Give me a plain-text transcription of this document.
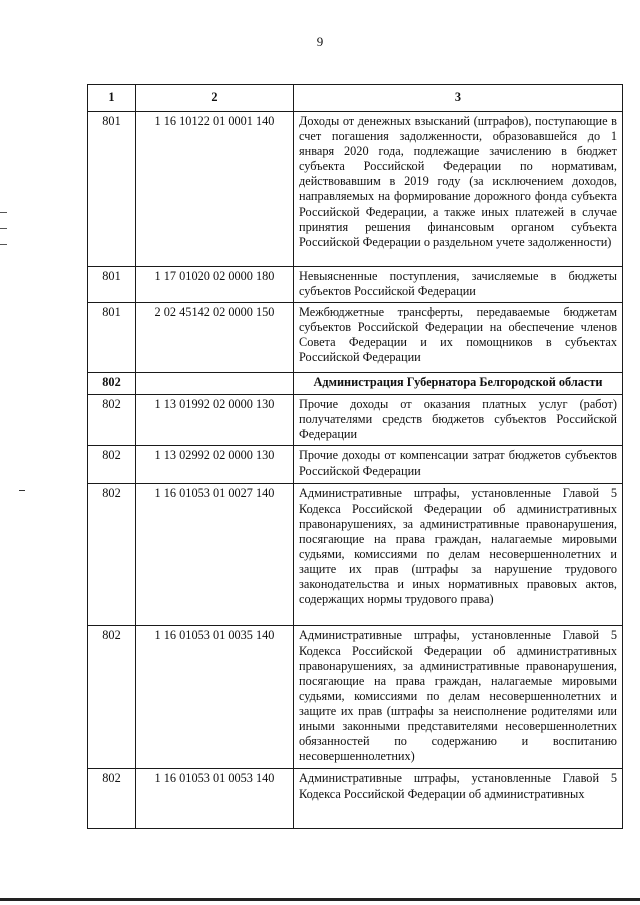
9
1	2	3
801	1 16 10122 01 0001 140	Доходы от денежных взысканий (штрафов), поступающие в счет погашения задолженности, образовавшейся до 1 января 2020 года, подлежащие зачислению в бюджет субъекта Российской Федерации по нормативам, действовавшим в 2019 году (за исключением доходов, направляемых на формирование дорожного фонда субъекта Российской Федерации, а также иных платежей в случае принятия решения финансовым органом субъекта Российской Федерации о раздельном учете задолженности)
801	1 17 01020 02 0000 180	Невыясненные поступления, зачисляемые в бюджеты субъектов Российской Федерации
801	2 02 45142 02 0000 150	Межбюджетные трансферты, передаваемые бюджетам субъектов Российской Федерации на обеспечение членов Совета Федерации и их помощников в субъектах Российской Федерации
802		Администрация Губернатора Белгородской области
802	1 13 01992 02 0000 130	Прочие доходы от оказания платных услуг (работ) получателями средств бюджетов субъектов Российской Федерации
802	1 13 02992 02 0000 130	Прочие доходы от компенсации затрат бюджетов субъектов Российской Федерации
802	1 16 01053 01 0027 140	Административные штрафы, установленные Главой 5 Кодекса Российской Федерации об административных правонарушениях, за административные правонарушения, посягающие на права граждан, налагаемые мировыми судьями, комиссиями по делам несовершеннолетних и защите их прав (штрафы за нарушение трудового законодательства и иных нормативных правовых актов, содержащих нормы трудового права)
802	1 16 01053 01 0035 140	Административные штрафы, установленные Главой 5 Кодекса Российской Федерации об административных правонарушениях, за административные правонарушения, посягающие на права граждан, налагаемые мировыми судьями, комиссиями по делам несовершеннолетних и защите их прав (штрафы за неисполнение родителями или иными законными представителями несовершеннолетних обязанностей по содержанию и воспитанию несовершеннолетних)
802	1 16 01053 01 0053 140	Административные штрафы, установленные Главой 5 Кодекса Российской Федерации об административных
